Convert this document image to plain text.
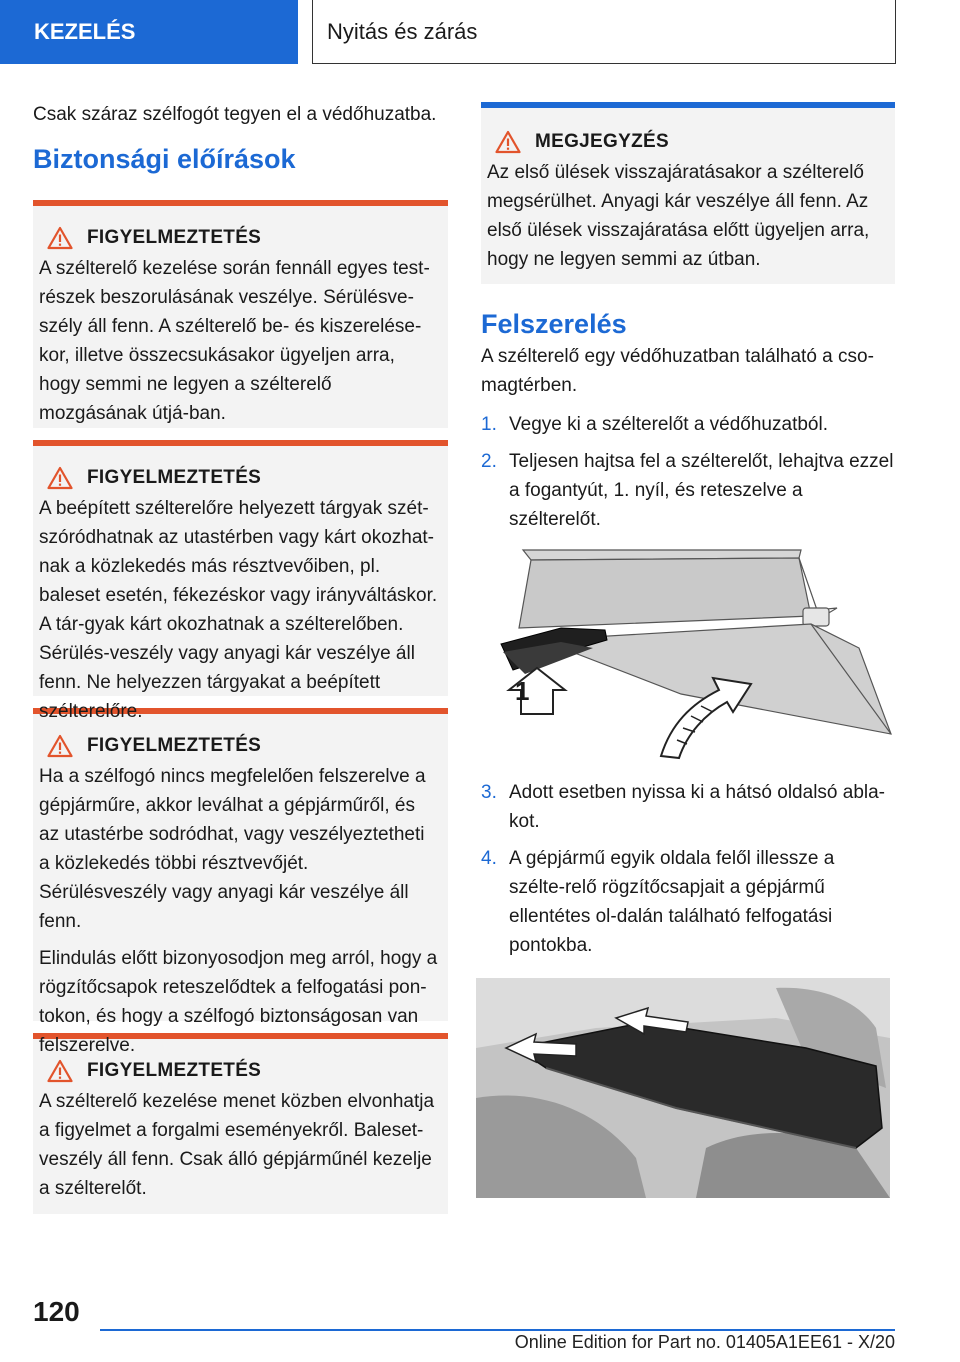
KEZELÉS	Nyitás és zárás

Csak száraz szélfogót tegyen el a védőhuzatba.

Biztonsági előírások
FIGYELMEZTETÉS

A szélterelő kezelése során fennáll egyes test-részek beszorulásának veszélye. Sérülésve-szély áll fenn. A szélterelő be- és kiszerelése-kor, illetve összecsukásakor ügyeljen arra, hogy semmi ne legyen a szélterelő mozgásának útjá-ban.

FIGYELMEZTETÉS

A beépített szélterelőre helyezett tárgyak szét-szóródhatnak az utastérben vagy kárt okozhat-nak a közlekedés más résztvevőiben, pl. baleset esetén, fékezéskor vagy irányváltáskor. A tár-gyak kárt okozhatnak a szélterelőben. Sérülés-veszély vagy anyagi kár veszélye áll fenn. Ne helyezzen tárgyakat a beépített szélterelőre.

FIGYELMEZTETÉS

Ha a szélfogó nincs megfelelően felszerelve a gépjárműre, akkor leválhat a gépjárműről, és az utastérbe sodródhat, vagy veszélyeztetheti a közlekedés többi résztvevőjét. Sérülésveszély vagy anyagi kár veszélye áll fenn.

Elindulás előtt bizonyosodjon meg arról, hogy a rögzítőcsapok reteszelődtek a felfogatási pon-tokon, és hogy a szélfogó biztonságosan van felszerelve.

FIGYELMEZTETÉS

A szélterelő kezelése menet közben elvonhatja a figyelmet a forgalmi eseményekről. Baleset-veszély áll fenn. Csak álló gépjárműnél kezelje a szélterelőt.

MEGJEGYZÉS

Az első ülések visszajáratásakor a szélterelő megsérülhet. Anyagi kár veszélye áll fenn. Az első ülések visszajáratása előtt ügyeljen arra, hogy ne legyen semmi az útban.

Felszerelés

A szélterelő egy védőhuzatban található a cso-magtérben.

1. Vegye ki a szélterelőt a védőhuzatból.
2. Teljesen hajtsa fel a szélterelőt, lehajtva ezzel a fogantyút, 1. nyíl, és reteszelve a szélterelőt.
1
3. Adott esetben nyissa ki a hátsó oldalsó abla-kot.
4. A gépjármű egyik oldala felől illessze a szélte-relő rögzítőcsapjait a gépjármű ellentétes ol-dalán található felfogatási pontokba.
120
Online Edition for Part no. 01405A1EE61 - X/20
